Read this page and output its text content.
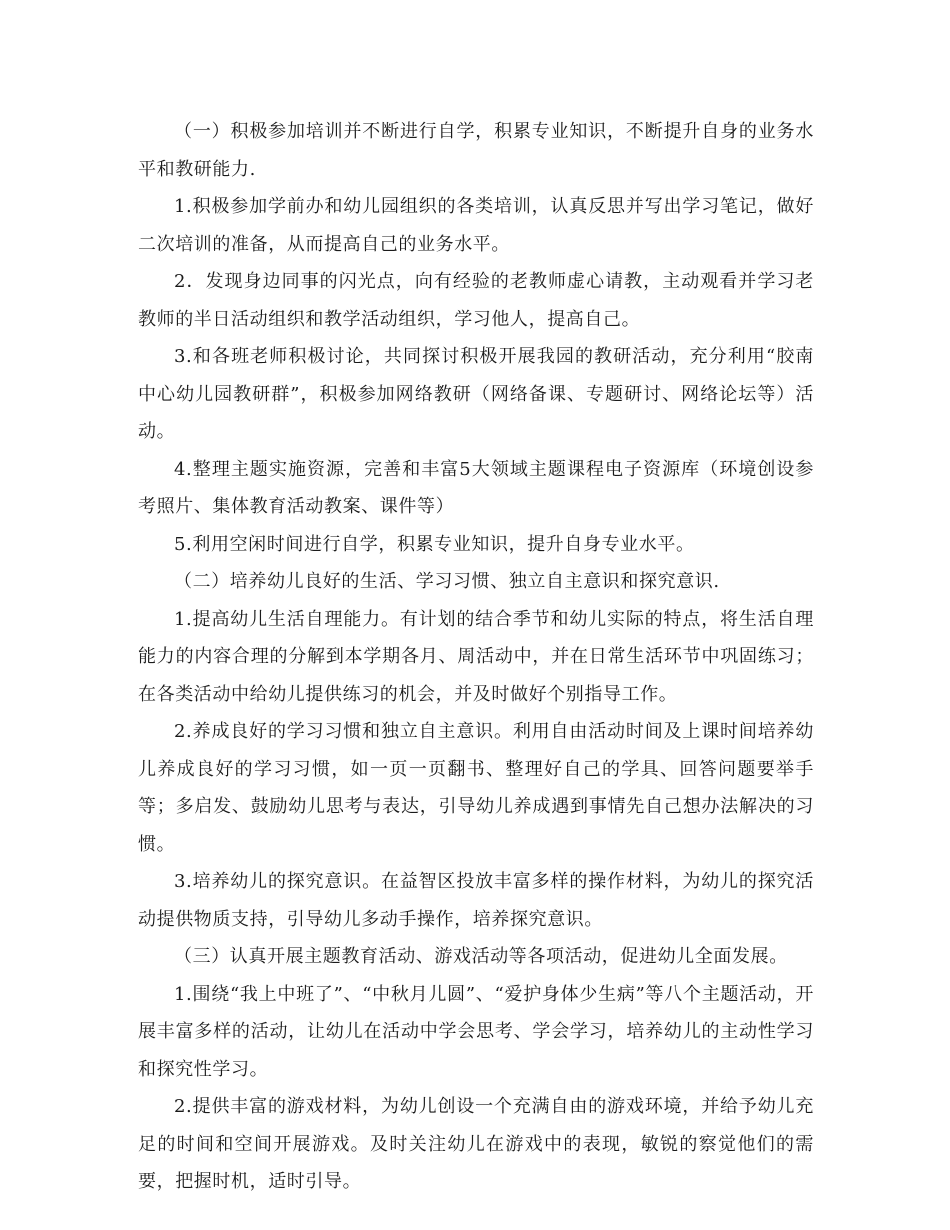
（一）积极参加培训并不断进行自学，积累专业知识，不断提升自身的业务水平和教研能力.

1.积极参加学前办和幼儿园组织的各类培训，认真反思并写出学习笔记，做好二次培训的准备，从而提高自己的业务水平。

2．发现身边同事的闪光点，向有经验的老教师虚心请教，主动观看并学习老教师的半日活动组织和教学活动组织，学习他人，提高自己。

3.和各班老师积极讨论，共同探讨积极开展我园的教研活动，充分利用“胶南中心幼儿园教研群”，积极参加网络教研（网络备课、专题研讨、网络论坛等）活动。

4.整理主题实施资源，完善和丰富5大领域主题课程电子资源库（环境创设参考照片、集体教育活动教案、课件等）

5.利用空闲时间进行自学，积累专业知识，提升自身专业水平。

（二）培养幼儿良好的生活、学习习惯、独立自主意识和探究意识.

1.提高幼儿生活自理能力。有计划的结合季节和幼儿实际的特点，将生活自理能力的内容合理的分解到本学期各月、周活动中，并在日常生活环节中巩固练习；在各类活动中给幼儿提供练习的机会，并及时做好个别指导工作。

2.养成良好的学习习惯和独立自主意识。利用自由活动时间及上课时间培养幼儿养成良好的学习习惯，如一页一页翻书、整理好自己的学具、回答问题要举手等；多启发、鼓励幼儿思考与表达，引导幼儿养成遇到事情先自己想办法解决的习惯。

3.培养幼儿的探究意识。在益智区投放丰富多样的操作材料，为幼儿的探究活动提供物质支持，引导幼儿多动手操作，培养探究意识。

（三）认真开展主题教育活动、游戏活动等各项活动，促进幼儿全面发展。

1.围绕“我上中班了”、“中秋月儿圆”、“爱护身体少生病”等八个主题活动，开展丰富多样的活动，让幼儿在活动中学会思考、学会学习，培养幼儿的主动性学习和探究性学习。

2.提供丰富的游戏材料，为幼儿创设一个充满自由的游戏环境，并给予幼儿充足的时间和空间开展游戏。及时关注幼儿在游戏中的表现，敏锐的察觉他们的需要，把握时机，适时引导。
